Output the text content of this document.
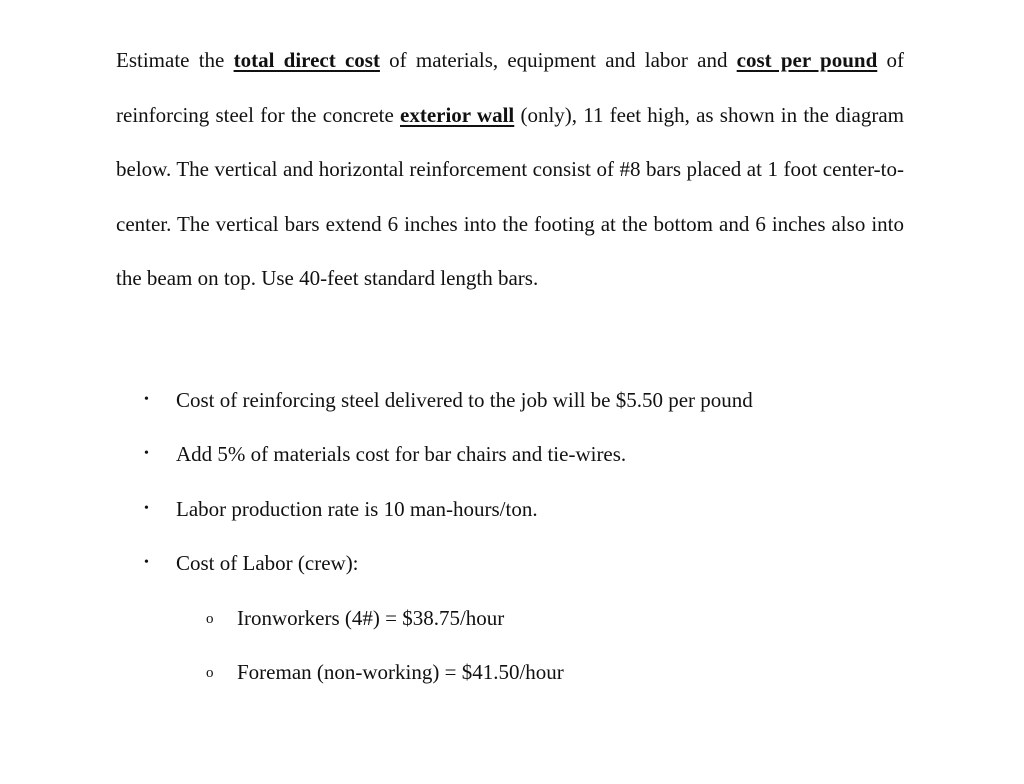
Estimate the total direct cost of materials, equipment and labor and cost per pound of reinforcing steel for the concrete exterior wall (only), 11 feet high, as shown in the diagram below. The vertical and horizontal reinforcement consist of #8 bars placed at 1 foot center-to-center. The vertical bars extend 6 inches into the footing at the bottom and 6 inches also into the beam on top. Use 40-feet standard length bars.

• Cost of reinforcing steel delivered to the job will be $5.50 per pound
• Add 5% of materials cost for bar chairs and tie-wires.
• Labor production rate is 10 man-hours/ton.
• Cost of Labor (crew):
o Ironworkers (4#) = $38.75/hour
o Foreman (non-working) = $41.50/hour
